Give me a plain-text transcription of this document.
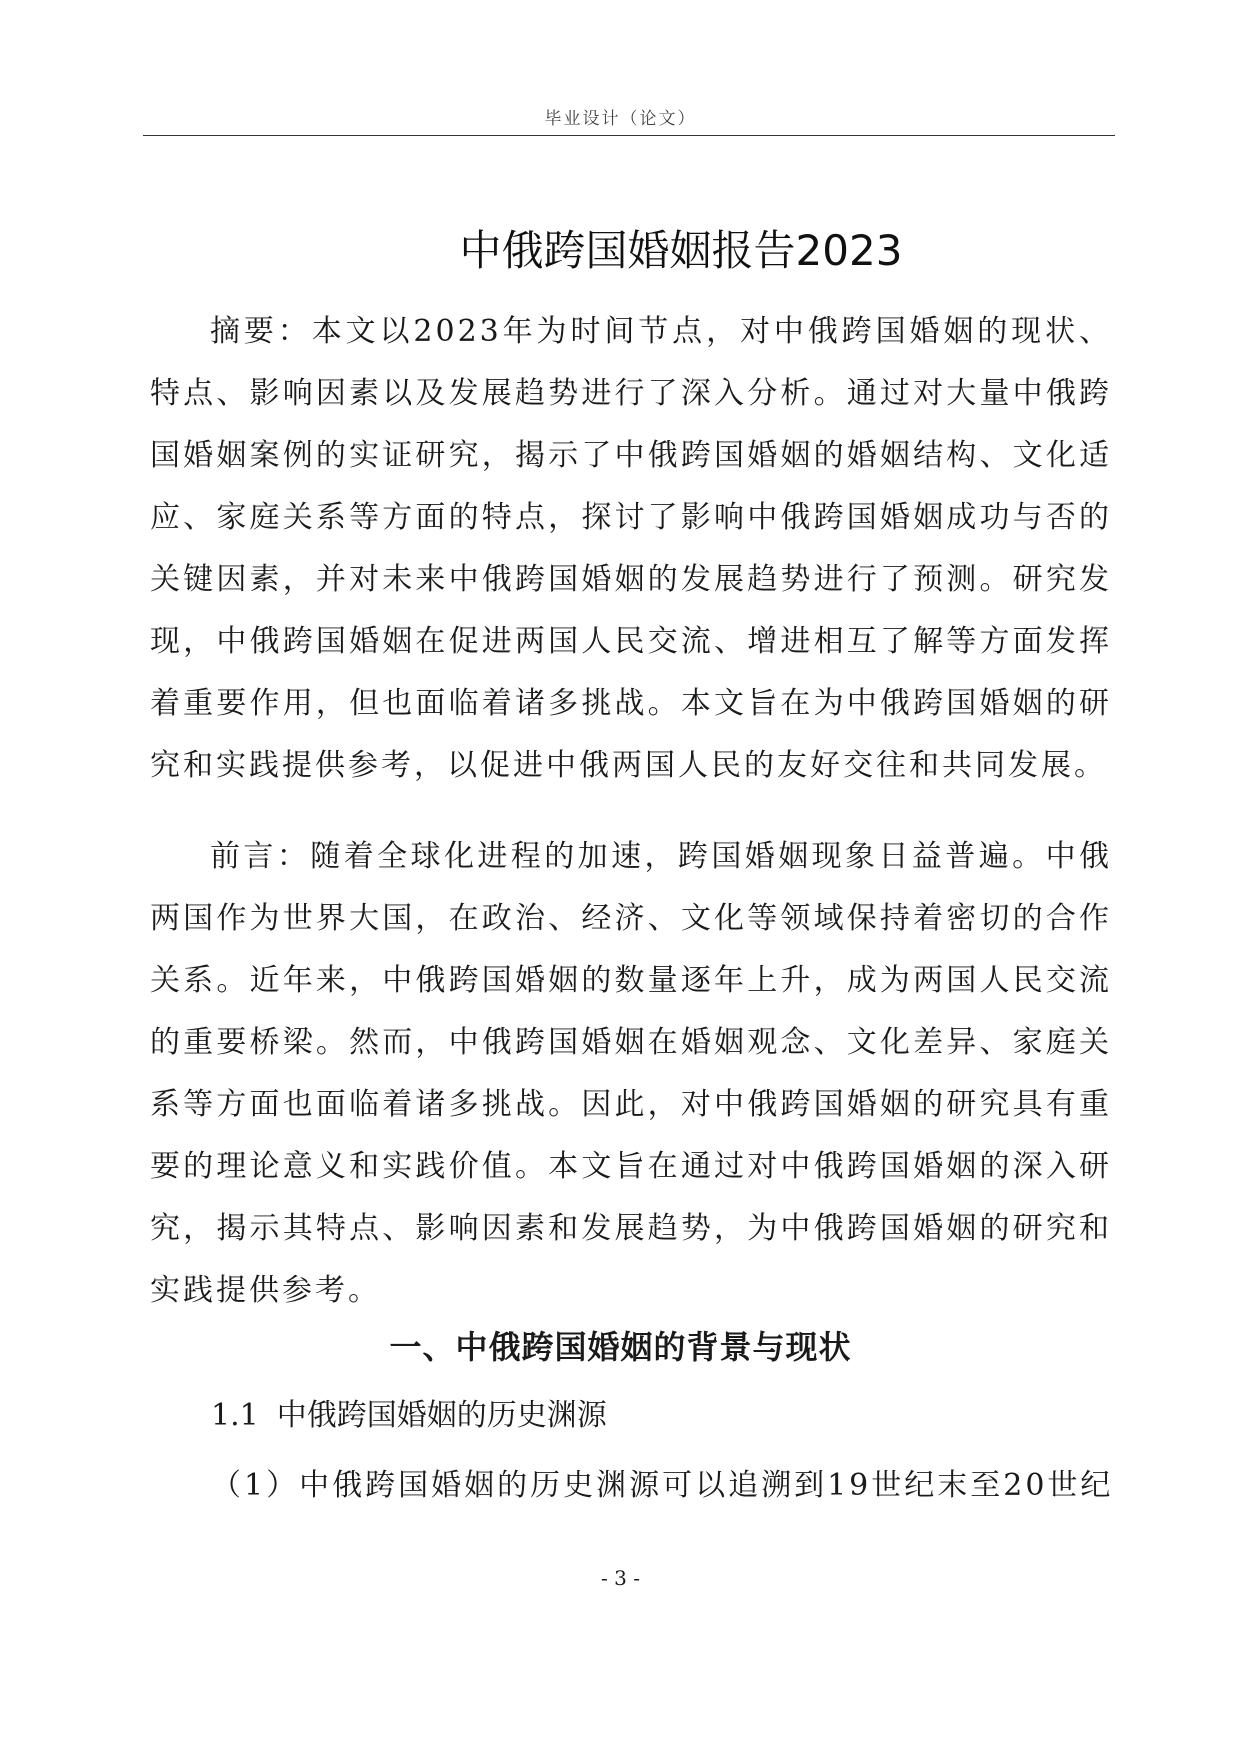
毕业设计（论文）
中俄跨国婚姻报告2023

摘要：本文以2023年为时间节点，对中俄跨国婚姻的现状、特点、影响因素以及发展趋势进行了深入分析。通过对大量中俄跨国婚姻案例的实证研究，揭示了中俄跨国婚姻的婚姻结构、文化适应、家庭关系等方面的特点，探讨了影响中俄跨国婚姻成功与否的关键因素，并对未来中俄跨国婚姻的发展趋势进行了预测。研究发现，中俄跨国婚姻在促进两国人民交流、增进相互了解等方面发挥着重要作用，但也面临着诸多挑战。本文旨在为中俄跨国婚姻的研究和实践提供参考，以促进中俄两国人民的友好交往和共同发展。

前言：随着全球化进程的加速，跨国婚姻现象日益普遍。中俄两国作为世界大国，在政治、经济、文化等领域保持着密切的合作关系。近年来，中俄跨国婚姻的数量逐年上升，成为两国人民交流的重要桥梁。然而，中俄跨国婚姻在婚姻观念、文化差异、家庭关系等方面也面临着诸多挑战。因此，对中俄跨国婚姻的研究具有重要的理论意义和实践价值。本文旨在通过对中俄跨国婚姻的深入研究，揭示其特点、影响因素和发展趋势，为中俄跨国婚姻的研究和实践提供参考。

一、中俄跨国婚姻的背景与现状
1.1 中俄跨国婚姻的历史渊源
（1）中俄跨国婚姻的历史渊源可以追溯到19世纪末至20世纪
- 3 -
